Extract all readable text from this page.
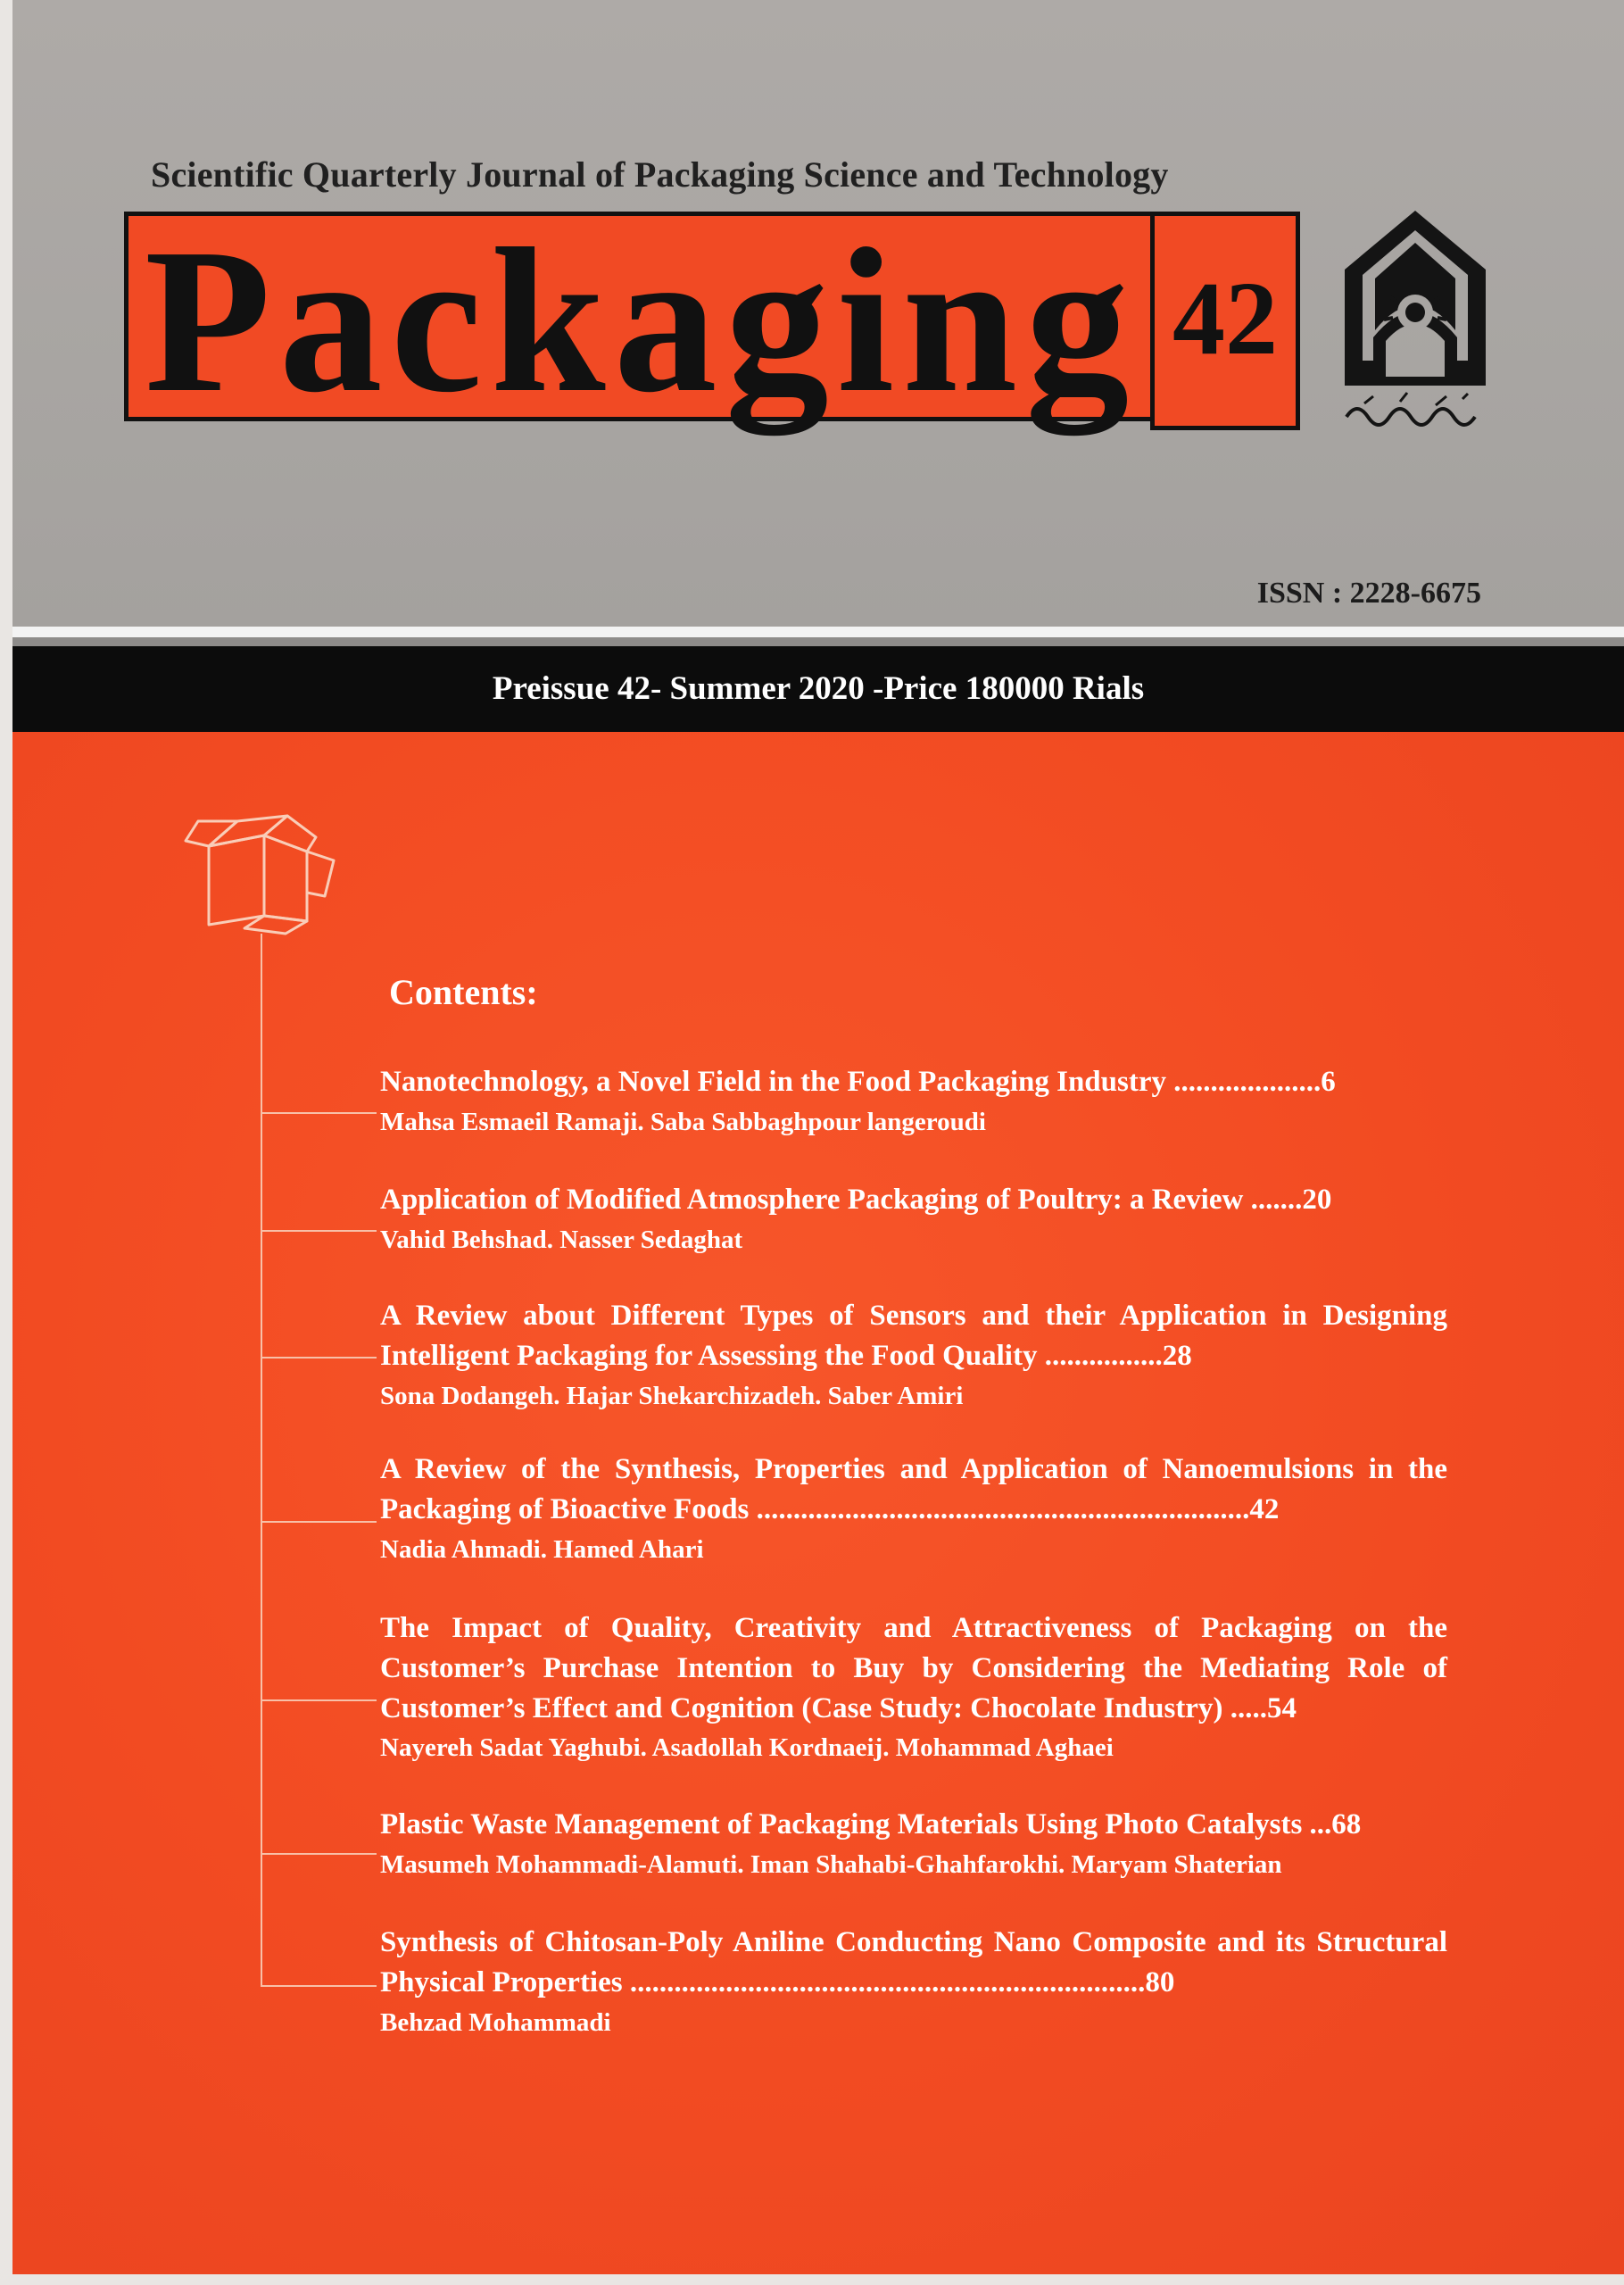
Scientific Quarterly Journal of Packaging Science and Technology
Packaging 42
ISSN : 2228-6675
Preissue 42- Summer 2020 -Price 180000 Rials
Contents:
Nanotechnology, a Novel Field in the Food Packaging Industry ....................6
Mahsa Esmaeil Ramaji. Saba Sabbaghpour langeroudi
Application of Modified Atmosphere Packaging of Poultry: a Review .......20
Vahid Behshad. Nasser Sedaghat
A Review about Different Types of Sensors and their Application in Designing Intelligent Packaging for Assessing the Food Quality ................28
Sona Dodangeh. Hajar Shekarchizadeh. Saber Amiri
A Review of the Synthesis, Properties and Application of Nanoemulsions in the Packaging of Bioactive Foods ...................................................................42
Nadia Ahmadi. Hamed Ahari
The Impact of Quality, Creativity and Attractiveness of Packaging on the Customer’s Purchase Intention to Buy by Considering the Mediating Role of Customer’s Effect and Cognition (Case Study: Chocolate Industry) .....54
Nayereh Sadat Yaghubi. Asadollah Kordnaeij. Mohammad Aghaei
Plastic Waste Management of Packaging Materials Using Photo Catalysts ...68
Masumeh Mohammadi-Alamuti. Iman Shahabi-Ghahfarokhi. Maryam Shaterian
Synthesis of Chitosan-Poly Aniline Conducting Nano Composite and its Structural Physical Properties ......................................................................80
Behzad Mohammadi
